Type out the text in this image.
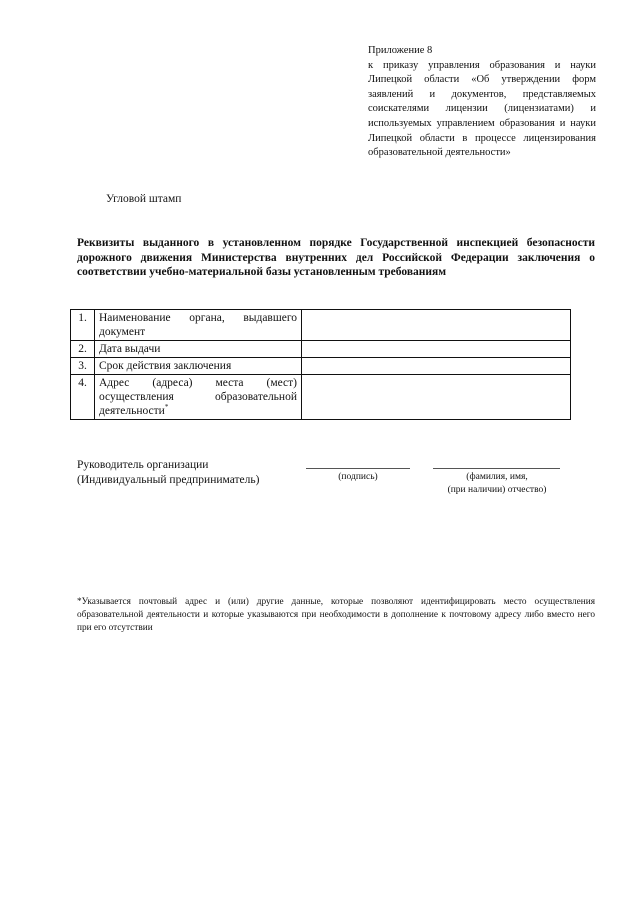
Приложение 8
к приказу управления образования и науки Липецкой области «Об утверждении форм заявлений и документов, представляемых соискателями лицензии (лицензиатами) и используемых управлением образования и науки Липецкой области в процессе лицензирования образовательной деятельности»
Угловой штамп
Реквизиты выданного в установленном порядке Государственной инспекцией безопасности дорожного движения Министерства внутренних дел Российской Федерации заключения о соответствии учебно-материальной базы установленным требованиям
1.	Наименование органа, выдавшего документ	
2.	Дата выдачи	
3.	Срок действия заключения	
4.	Адрес (адреса) места (мест) осуществления образовательной деятельности*	
Руководитель организации
(Индивидуальный предприниматель)	(подпись)	(фамилия, имя,
(при наличии) отчество)
*Указывается почтовый адрес и (или) другие данные, которые позволяют идентифицировать место осуществления образовательной деятельности и которые указываются при необходимости в дополнение к почтовому адресу либо вместо него при его отсутствии
